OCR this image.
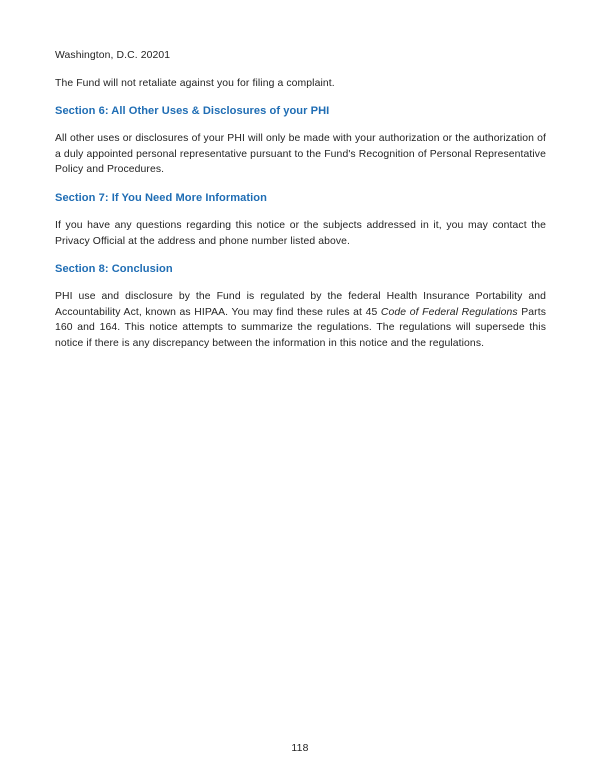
Washington, D.C. 20201

The Fund will not retaliate against you for filing a complaint.

Section 6: All Other Uses & Disclosures of your PHI

All other uses or disclosures of your PHI will only be made with your authorization or the authorization of a duly appointed personal representative pursuant to the Fund's Recognition of Personal Representative Policy and Procedures.

Section 7: If You Need More Information

If you have any questions regarding this notice or the subjects addressed in it, you may contact the Privacy Official at the address and phone number listed above.

Section 8: Conclusion

PHI use and disclosure by the Fund is regulated by the federal Health Insurance Portability and Accountability Act, known as HIPAA. You may find these rules at 45 Code of Federal Regulations Parts 160 and 164. This notice attempts to summarize the regulations. The regulations will supersede this notice if there is any discrepancy between the information in this notice and the regulations.

118
